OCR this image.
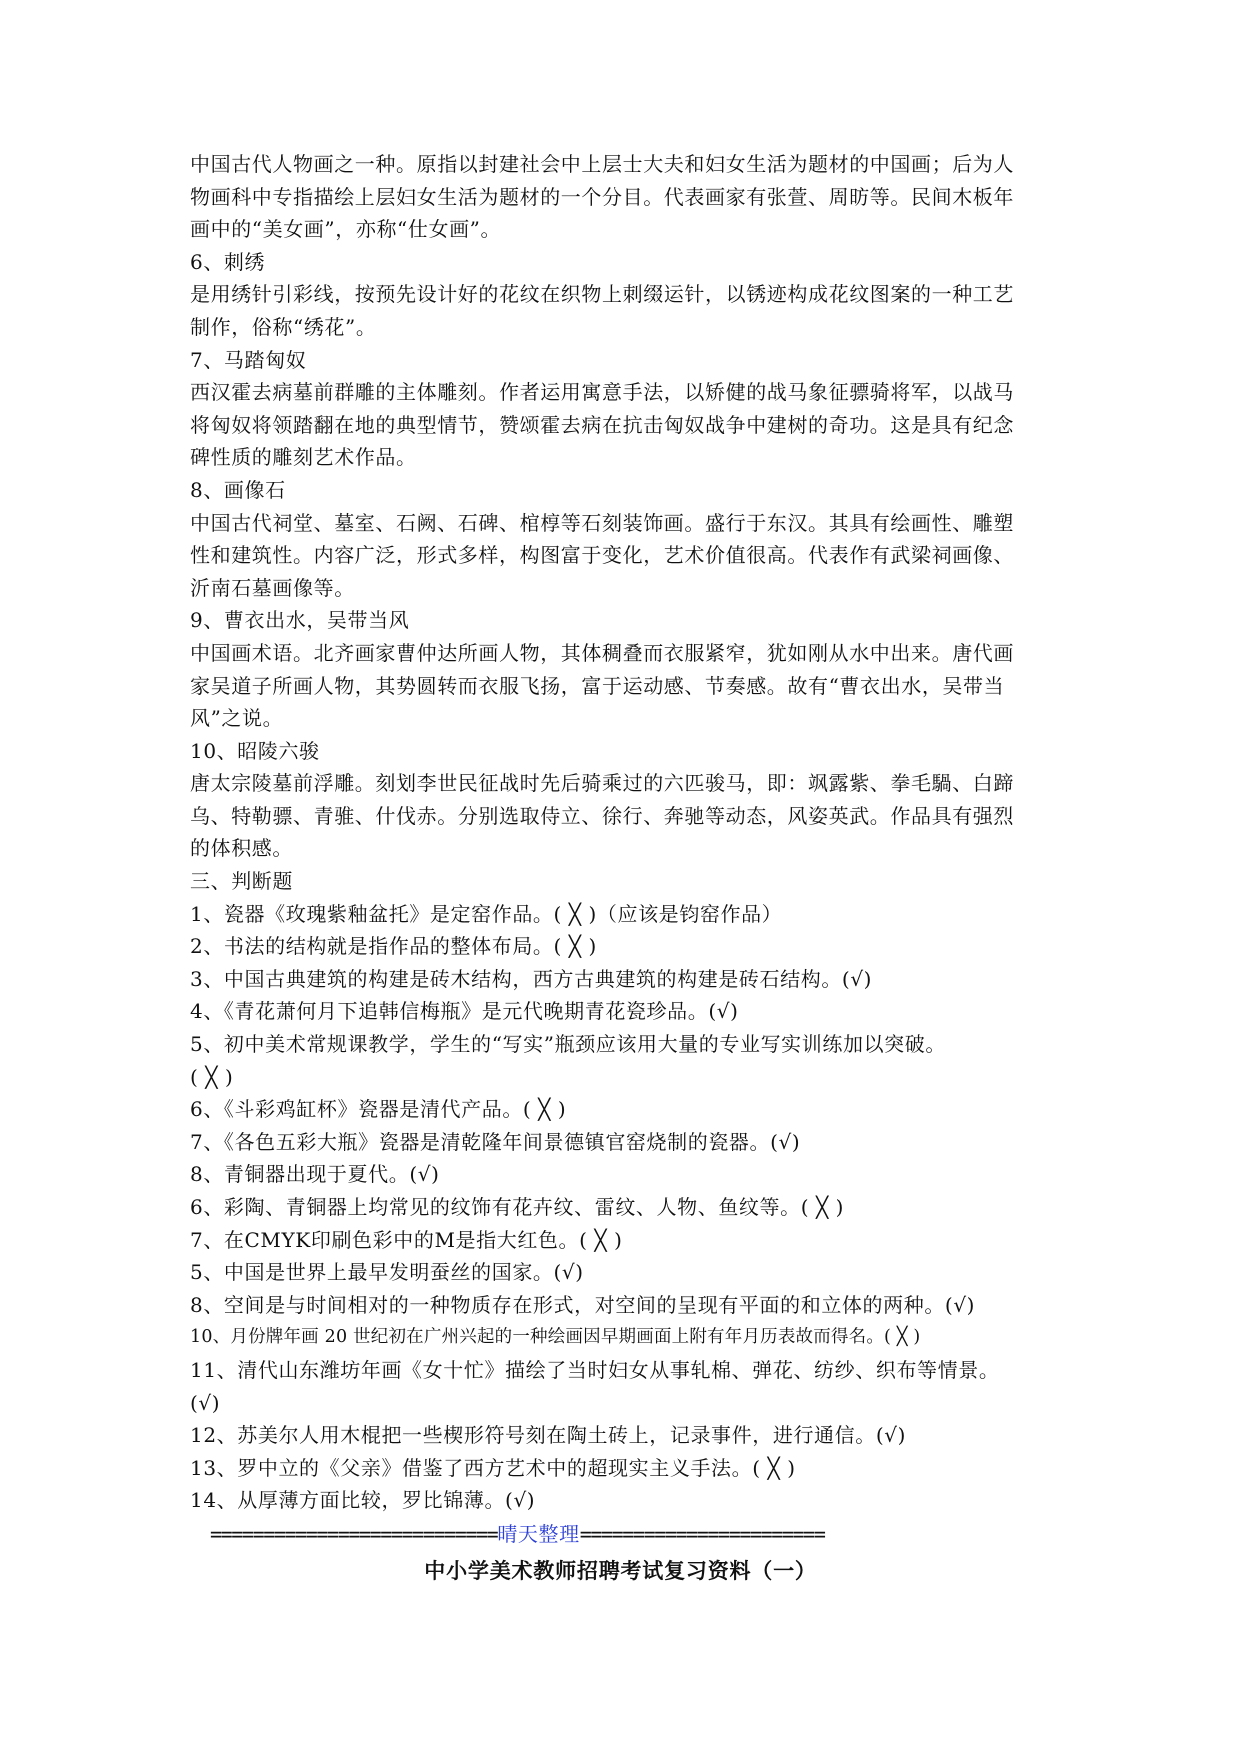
中国古代人物画之一种。原指以封建社会中上层士大夫和妇女生活为题材的中国画；后为人
物画科中专指描绘上层妇女生活为题材的一个分目。代表画家有张萱、周昉等。民间木板年
画中的“美女画”，亦称“仕女画”。
6、刺绣
是用绣针引彩线，按预先设计好的花纹在织物上刺缀运针，以锈迹构成花纹图案的一种工艺
制作，俗称“绣花”。
7、马踏匈奴
西汉霍去病墓前群雕的主体雕刻。作者运用寓意手法，以矫健的战马象征骠骑将军，以战马
将匈奴将领踏翻在地的典型情节，赞颂霍去病在抗击匈奴战争中建树的奇功。这是具有纪念
碑性质的雕刻艺术作品。
8、画像石
中国古代祠堂、墓室、石阙、石碑、棺椁等石刻装饰画。盛行于东汉。其具有绘画性、雕塑
性和建筑性。内容广泛，形式多样，构图富于变化，艺术价值很高。代表作有武梁祠画像、
沂南石墓画像等。
9、曹衣出水，吴带当风
中国画术语。北齐画家曹仲达所画人物，其体稠叠而衣服紧窄，犹如刚从水中出来。唐代画
家吴道子所画人物，其势圆转而衣服飞扬，富于运动感、节奏感。故有“曹衣出水，吴带当
风”之说。
10、昭陵六骏
唐太宗陵墓前浮雕。刻划李世民征战时先后骑乘过的六匹骏马，即：飒露紫、拳毛騧、白蹄
乌、特勒骠、青骓、什伐赤。分别选取侍立、徐行、奔驰等动态，风姿英武。作品具有强烈
的体积感。
三、判断题
1、瓷器《玫瑰紫釉盆托》是定窑作品。( ╳ )（应该是钧窑作品）
2、书法的结构就是指作品的整体布局。( ╳ )
3、中国古典建筑的构建是砖木结构，西方古典建筑的构建是砖石结构。(√)
4、《青花萧何月下追韩信梅瓶》是元代晚期青花瓷珍品。(√)
5、初中美术常规课教学，学生的“写实”瓶颈应该用大量的专业写实训练加以突破。
( ╳ )
6、《斗彩鸡缸杯》瓷器是清代产品。( ╳ )
7、《各色五彩大瓶》瓷器是清乾隆年间景德镇官窑烧制的瓷器。(√)
8、青铜器出现于夏代。(√)
6、彩陶、青铜器上均常见的纹饰有花卉纹、雷纹、人物、鱼纹等。( ╳ )
7、在CMYK印刷色彩中的M是指大红色。( ╳ )
5、中国是世界上最早发明蚕丝的国家。(√)
8、空间是与时间相对的一种物质存在形式，对空间的呈现有平面的和立体的两种。(√)
10、月份牌年画 20 世纪初在广州兴起的一种绘画因早期画面上附有年月历表故而得名。( ╳ )
11、清代山东潍坊年画《女十忙》描绘了当时妇女从事轧棉、弹花、纺纱、织布等情景。
(√)
12、苏美尔人用木棍把一些楔形符号刻在陶土砖上，记录事件，进行通信。(√)
13、罗中立的《父亲》借鉴了西方艺术中的超现实主义手法。( ╳ )
14、从厚薄方面比较，罗比锦薄。(√)
===========================晴天整理=======================
中小学美术教师招聘考试复习资料（一）
